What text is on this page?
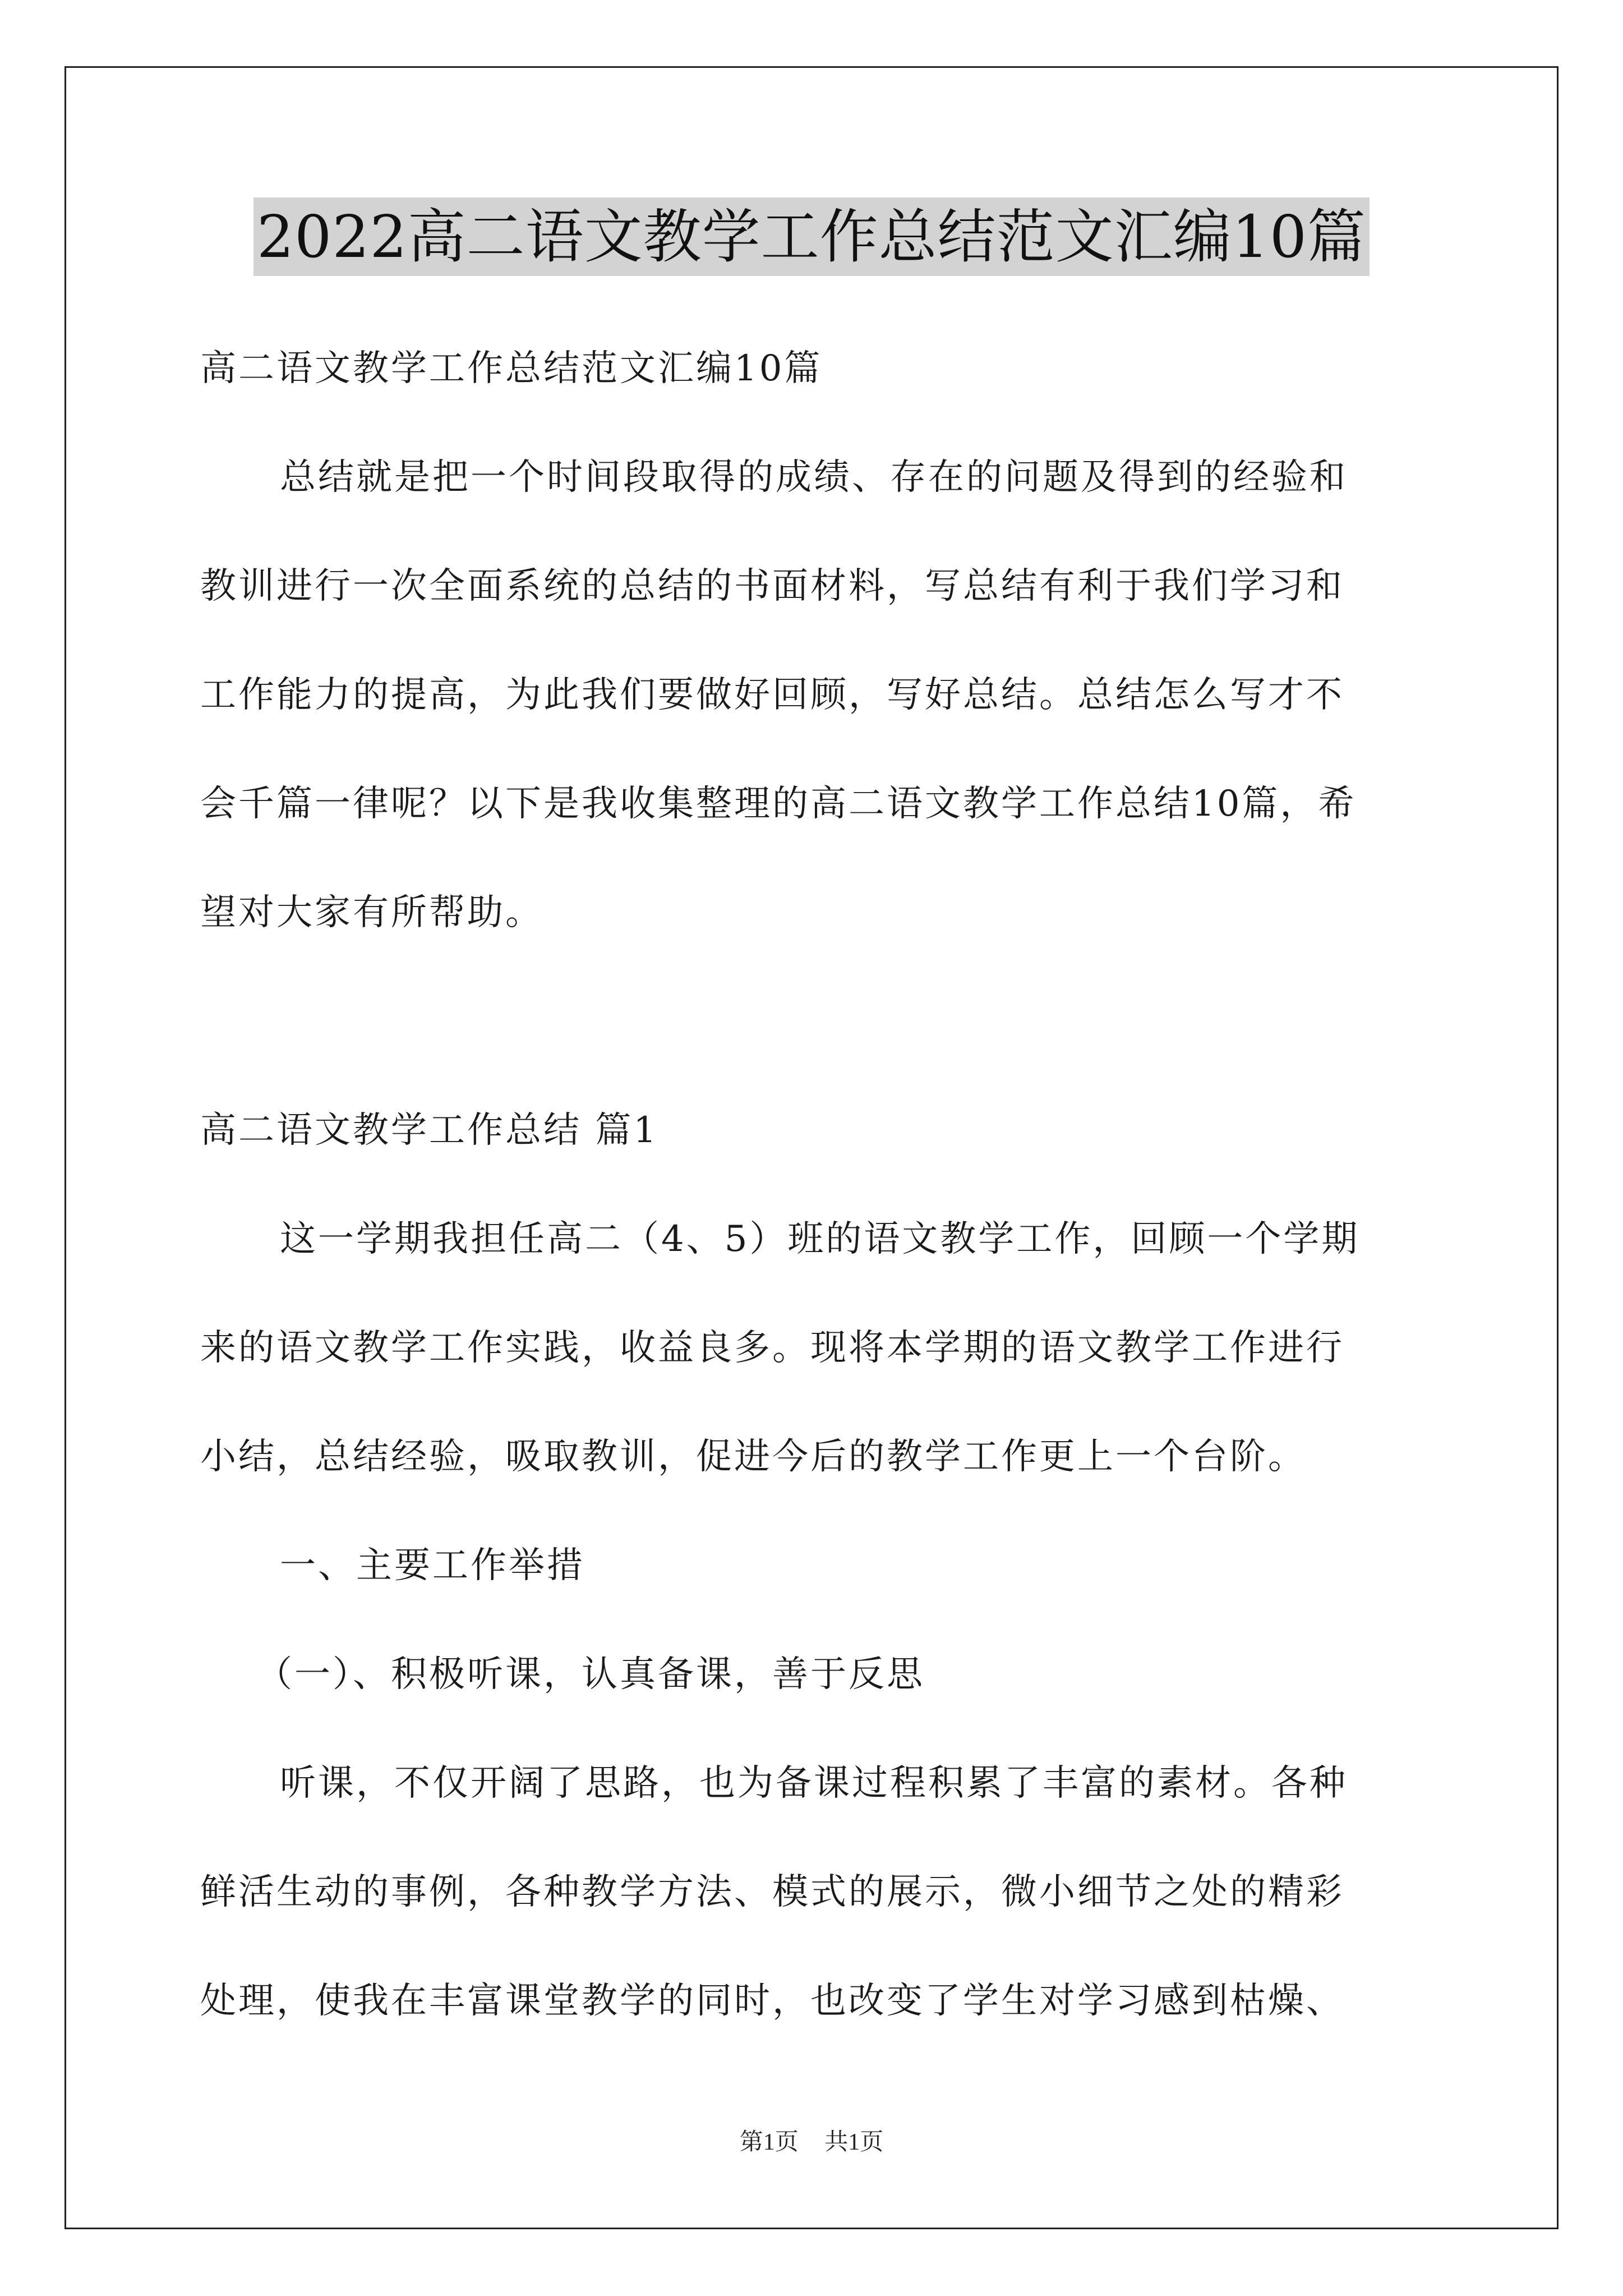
2022高二语文教学工作总结范文汇编10篇

高二语文教学工作总结范文汇编10篇

总结就是把一个时间段取得的成绩、存在的问题及得到的经验和

教训进行一次全面系统的总结的书面材料，写总结有利于我们学习和

工作能力的提高，为此我们要做好回顾，写好总结。总结怎么写才不

会千篇一律呢？以下是我收集整理的高二语文教学工作总结10篇，希

望对大家有所帮助。

高二语文教学工作总结 篇1

这一学期我担任高二（4、5）班的语文教学工作，回顾一个学期

来的语文教学工作实践，收益良多。现将本学期的语文教学工作进行

小结，总结经验，吸取教训，促进今后的教学工作更上一个台阶。

一、主要工作举措

（一）、积极听课，认真备课，善于反思

听课，不仅开阔了思路，也为备课过程积累了丰富的素材。各种

鲜活生动的事例，各种教学方法、模式的展示，微小细节之处的精彩

处理，使我在丰富课堂教学的同时，也改变了学生对学习感到枯燥、

第1页 共1页
